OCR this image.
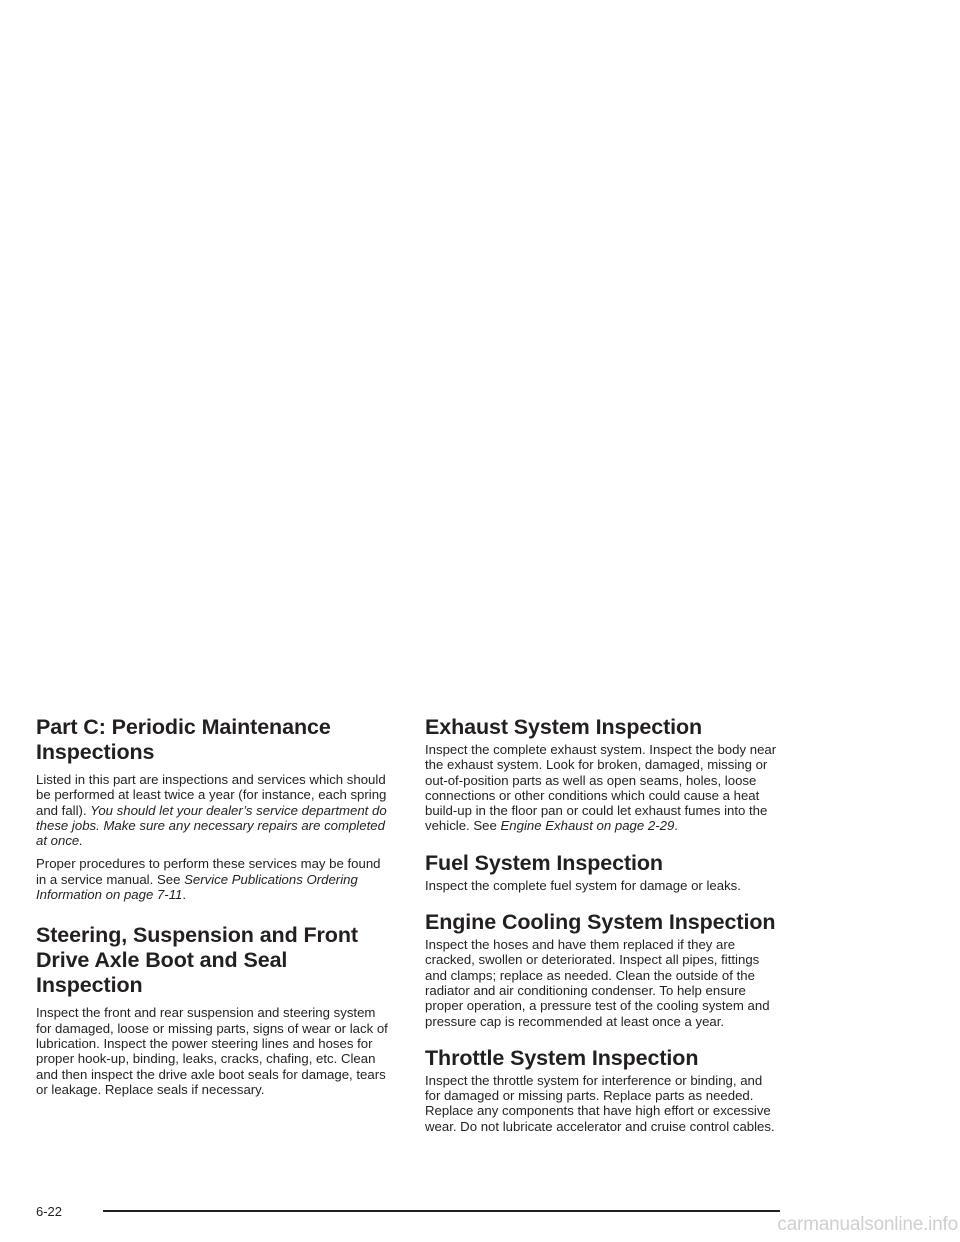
Part C: Periodic Maintenance Inspections

Listed in this part are inspections and services which should be performed at least twice a year (for instance, each spring and fall). You should let your dealer’s service department do these jobs. Make sure any necessary repairs are completed at once.

Proper procedures to perform these services may be found in a service manual. See Service Publications Ordering Information on page 7-11.

Steering, Suspension and Front Drive Axle Boot and Seal Inspection

Inspect the front and rear suspension and steering system for damaged, loose or missing parts, signs of wear or lack of lubrication. Inspect the power steering lines and hoses for proper hook-up, binding, leaks, cracks, chafing, etc. Clean and then inspect the drive axle boot seals for damage, tears or leakage. Replace seals if necessary.

Exhaust System Inspection

Inspect the complete exhaust system. Inspect the body near the exhaust system. Look for broken, damaged, missing or out-of-position parts as well as open seams, holes, loose connections or other conditions which could cause a heat build-up in the floor pan or could let exhaust fumes into the vehicle. See Engine Exhaust on page 2-29.

Fuel System Inspection

Inspect the complete fuel system for damage or leaks.

Engine Cooling System Inspection

Inspect the hoses and have them replaced if they are cracked, swollen or deteriorated. Inspect all pipes, fittings and clamps; replace as needed. Clean the outside of the radiator and air conditioning condenser. To help ensure proper operation, a pressure test of the cooling system and pressure cap is recommended at least once a year.

Throttle System Inspection

Inspect the throttle system for interference or binding, and for damaged or missing parts. Replace parts as needed. Replace any components that have high effort or excessive wear. Do not lubricate accelerator and cruise control cables.

6-22
carmanualsonline.info
